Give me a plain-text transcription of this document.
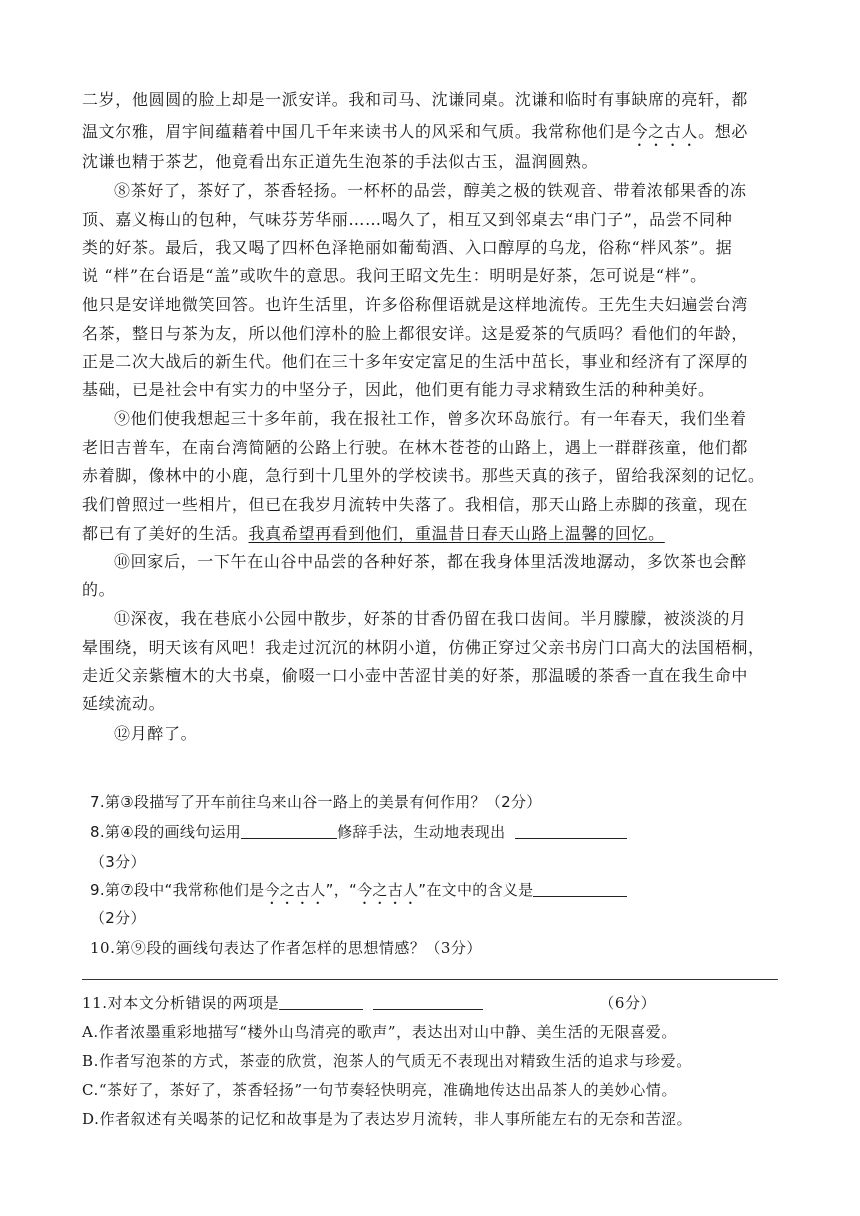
二岁，他圆圆的脸上却是一派安详。我和司马、沈谦同桌。沈谦和临时有事缺席的亮轩，都
温文尔雅，眉宇间蕴藉着中国几千年来读书人的风采和气质。我常称他们是今之古人。想必
沈谦也精于茶艺，他竟看出东正道先生泡茶的手法似古玉，温润圆熟。
⑧茶好了，茶好了，茶香轻扬。一杯杯的品尝，醇美之极的铁观音、带着浓郁果香的冻
顶、嘉义梅山的包种，气味芬芳华丽……喝久了，相互又到邻桌去“串门子”，品尝不同种
类的好茶。最后，我又喝了四杯色泽艳丽如葡萄酒、入口醇厚的乌龙，俗称“柈风茶”。据
说 “柈”在台语是“盖”或吹牛的意思。我问王昭文先生：明明是好茶，怎可说是“柈”。
他只是安详地微笑回答。也许生活里，许多俗称俚语就是这样地流传。王先生夫妇遍尝台湾
名茶，整日与茶为友，所以他们淳朴的脸上都很安详。这是爱茶的气质吗？看他们的年龄，
正是二次大战后的新生代。他们在三十多年安定富足的生活中茁长，事业和经济有了深厚的
基础，已是社会中有实力的中坚分子，因此，他们更有能力寻求精致生活的种种美好。
⑨他们使我想起三十多年前，我在报社工作，曾多次环岛旅行。有一年春天，我们坐着
老旧吉普车，在南台湾简陋的公路上行驶。在林木苍苍的山路上，遇上一群群孩童，他们都
赤着脚，像林中的小鹿，急行到十几里外的学校读书。那些天真的孩子，留给我深刻的记忆。
我们曾照过一些相片，但已在我岁月流转中失落了。我相信，那天山路上赤脚的孩童，现在
都已有了美好的生活。我真希望再看到他们，重温昔日春天山路上温馨的回忆。
⑩回家后，一下午在山谷中品尝的各种好茶，都在我身体里活泼地潺动，多饮茶也会醉
的。
⑪深夜，我在巷底小公园中散步，好茶的甘香仍留在我口齿间。半月朦朦，被淡淡的月
晕围绕，明天该有风吧！我走过沉沉的林阴小道，仿佛正穿过父亲书房门口高大的法国梧桐，
走近父亲紫檀木的大书桌，偷啜一口小壶中苦涩甘美的好茶，那温暖的茶香一直在我生命中
延续流动。
⑫月醉了。
7.第③段描写了开车前往乌来山谷一路上的美景有何作用？（2分）
8.第④段的画线句运用	修辞手法，生动地表现出
（3分）
9.第⑦段中“我常称他们是今之古人”，“今之古人”在文中的含义是
（2分）
10.第⑨段的画线句表达了作者怎样的思想情感？（3分）
11.对本文分析错误的两项是	（6分）
A.作者浓墨重彩地描写“楼外山鸟清亮的歌声”，表达出对山中静、美生活的无限喜爱。
B.作者写泡茶的方式，茶壶的欣赏，泡茶人的气质无不表现出对精致生活的追求与珍爱。
C.“茶好了，茶好了，茶香轻扬”一句节奏轻快明亮，准确地传达出品茶人的美妙心情。
D.作者叙述有关喝茶的记忆和故事是为了表达岁月流转，非人事所能左右的无奈和苦涩。
